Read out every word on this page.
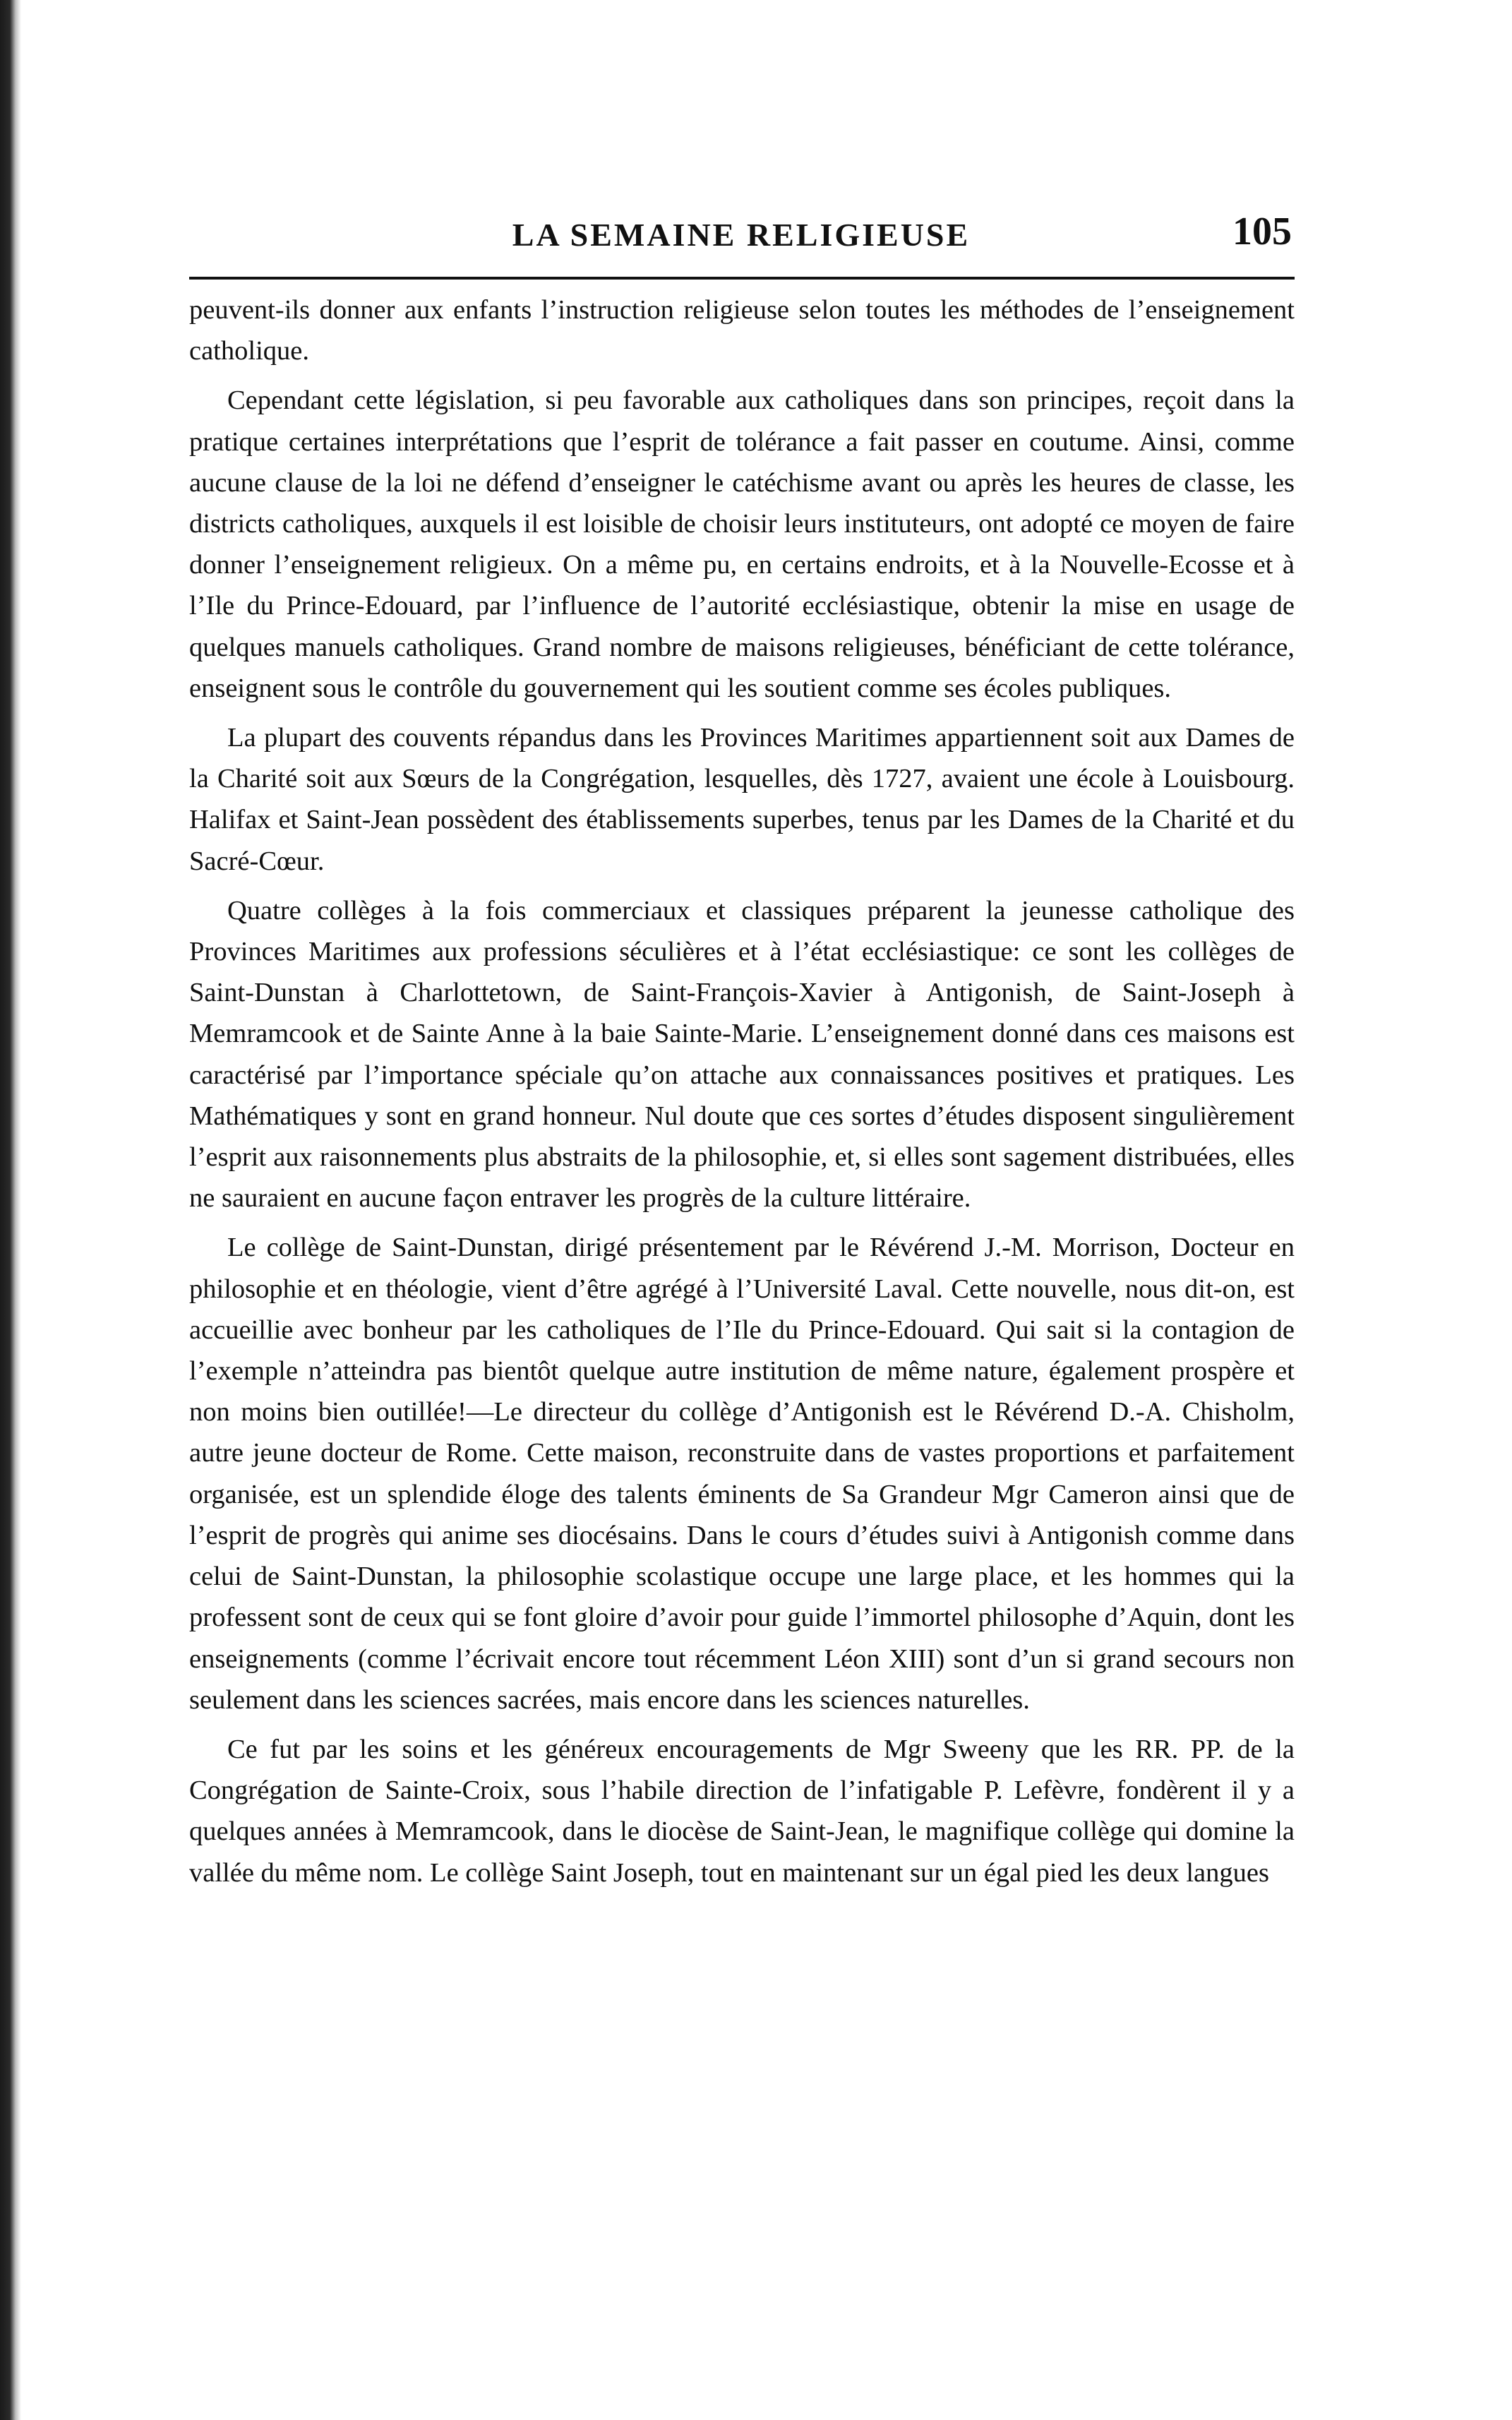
LA SEMAINE RELIGIEUSE	105

peuvent-ils donner aux enfants l’instruction religieuse selon toutes les méthodes de l’enseignement catholique.

Cependant cette législation, si peu favorable aux catholiques dans son principes, reçoit dans la pratique certaines interprétations que l’esprit de tolérance a fait passer en coutume. Ainsi, comme aucune clause de la loi ne défend d’enseigner le catéchisme avant ou après les heures de classe, les districts catholiques, auxquels il est loisible de choisir leurs instituteurs, ont adopté ce moyen de faire donner l’enseignement religieux. On a même pu, en certains endroits, et à la Nouvelle-Ecosse et à l’Ile du Prince-Edouard, par l’influence de l’autorité ecclésiastique, obtenir la mise en usage de quelques manuels catholiques. Grand nombre de maisons religieuses, bénéficiant de cette tolérance, enseignent sous le contrôle du gouvernement qui les soutient comme ses écoles publiques.

La plupart des couvents répandus dans les Provinces Maritimes appartiennent soit aux Dames de la Charité soit aux Sœurs de la Congrégation, lesquelles, dès 1727, avaient une école à Louisbourg. Halifax et Saint-Jean possèdent des établissements superbes, tenus par les Dames de la Charité et du Sacré-Cœur.

Quatre collèges à la fois commerciaux et classiques préparent la jeunesse catholique des Provinces Maritimes aux professions séculières et à l’état ecclésiastique: ce sont les collèges de Saint-Dunstan à Charlottetown, de Saint-François-Xavier à Antigonish, de Saint-Joseph à Memramcook et de Sainte Anne à la baie Sainte-Marie. L’enseignement donné dans ces maisons est caractérisé par l’importance spéciale qu’on attache aux connaissances positives et pratiques. Les Mathématiques y sont en grand honneur. Nul doute que ces sortes d’études disposent singulièrement l’esprit aux raisonnements plus abstraits de la philosophie, et, si elles sont sagement distribuées, elles ne sauraient en aucune façon entraver les progrès de la culture littéraire.

Le collège de Saint-Dunstan, dirigé présentement par le Révérend J.-M. Morrison, Docteur en philosophie et en théologie, vient d’être agrégé à l’Université Laval. Cette nouvelle, nous dit-on, est accueillie avec bonheur par les catholiques de l’Ile du Prince-Edouard. Qui sait si la contagion de l’exemple n’atteindra pas bientôt quelque autre institution de même nature, également prospère et non moins bien outillée!—Le directeur du collège d’Antigonish est le Révérend D.-A. Chisholm, autre jeune docteur de Rome. Cette maison, reconstruite dans de vastes proportions et parfaitement organisée, est un splendide éloge des talents éminents de Sa Grandeur Mgr Cameron ainsi que de l’esprit de progrès qui anime ses diocésains. Dans le cours d’études suivi à Antigonish comme dans celui de Saint-Dunstan, la philosophie scolastique occupe une large place, et les hommes qui la professent sont de ceux qui se font gloire d’avoir pour guide l’immortel philosophe d’Aquin, dont les enseignements (comme l’écrivait encore tout récemment Léon XIII) sont d’un si grand secours non seulement dans les sciences sacrées, mais encore dans les sciences naturelles.

Ce fut par les soins et les généreux encouragements de Mgr Sweeny que les RR. PP. de la Congrégation de Sainte-Croix, sous l’habile direction de l’infatigable P. Lefèvre, fondèrent il y a quelques années à Memramcook, dans le diocèse de Saint-Jean, le magnifique collège qui domine la vallée du même nom. Le collège Saint Joseph, tout en maintenant sur un égal pied les deux langues
